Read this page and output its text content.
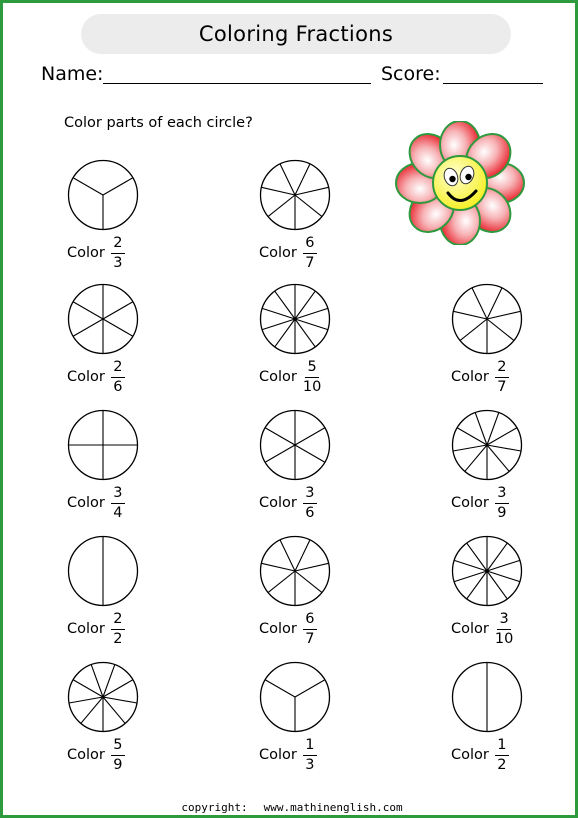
Coloring Fractions
Name:	Score:
Color parts of each circle?
Color $\frac{2}{3}$	Color $\frac{6}{7}$
Color $\frac{2}{6}$	Color $\frac{5}{10}$	Color $\frac{2}{7}$
Color $\frac{3}{4}$	Color $\frac{3}{6}$	Color $\frac{3}{9}$
Color $\frac{2}{2}$	Color $\frac{6}{7}$	Color $\frac{3}{10}$
Color $\frac{5}{9}$	Color $\frac{1}{3}$	Color $\frac{1}{2}$
copyright: www.mathinenglish.com
